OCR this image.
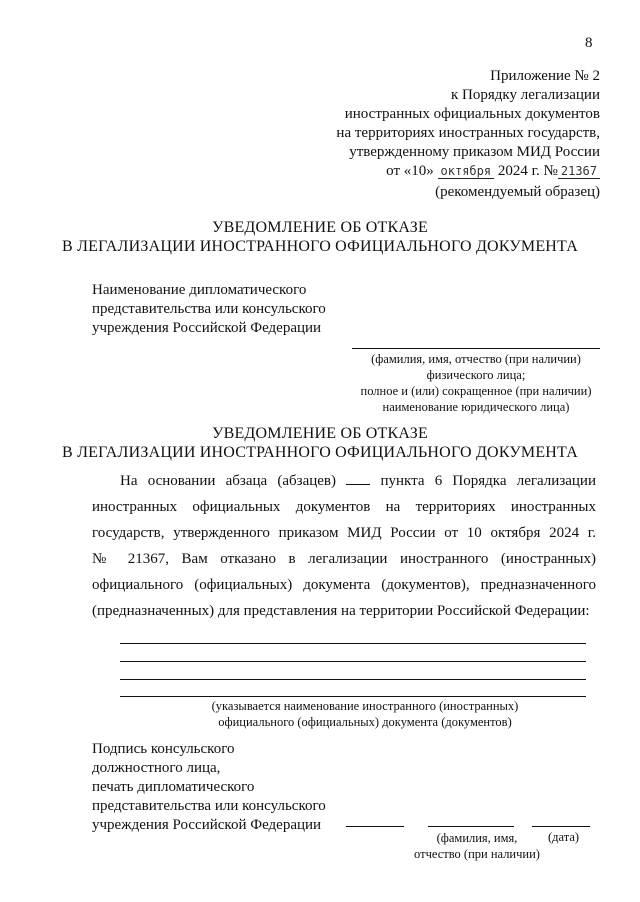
8
Приложение № 2
к Порядку легализации
иностранных официальных документов
на территориях иностранных государств,
утвержденному приказом МИД России
от «10» октября 2024 г. № 21367
(рекомендуемый образец)
УВЕДОМЛЕНИЕ ОБ ОТКАЗЕ
В ЛЕГАЛИЗАЦИИ ИНОСТРАННОГО ОФИЦИАЛЬНОГО ДОКУМЕНТА
Наименование дипломатического
представительства или консульского
учреждения Российской Федерации
(фамилия, имя, отчество (при наличии)
физического лица;
полное и (или) сокращенное (при наличии)
наименование юридического лица)
УВЕДОМЛЕНИЕ ОБ ОТКАЗЕ
В ЛЕГАЛИЗАЦИИ ИНОСТРАННОГО ОФИЦИАЛЬНОГО ДОКУМЕНТА
На основании абзаца (абзацев)	пункта 6 Порядка легализации
иностранных официальных документов на территориях иностранных
государств, утвержденного приказом МИД России от 10 октября 2024 г.
№ 21367, Вам отказано в легализации иностранного (иностранных)
официального (официальных) документа (документов), предназначенного
(предназначенных) для представления на территории Российской Федерации:
(указывается наименование иностранного (иностранных)
официального (официальных) документа (документов)
Подпись консульского
должностного лица,
печать дипломатического
представительства или консульского
учреждения Российской Федерации
(фамилия, имя,
отчество (при наличии)
(дата)
